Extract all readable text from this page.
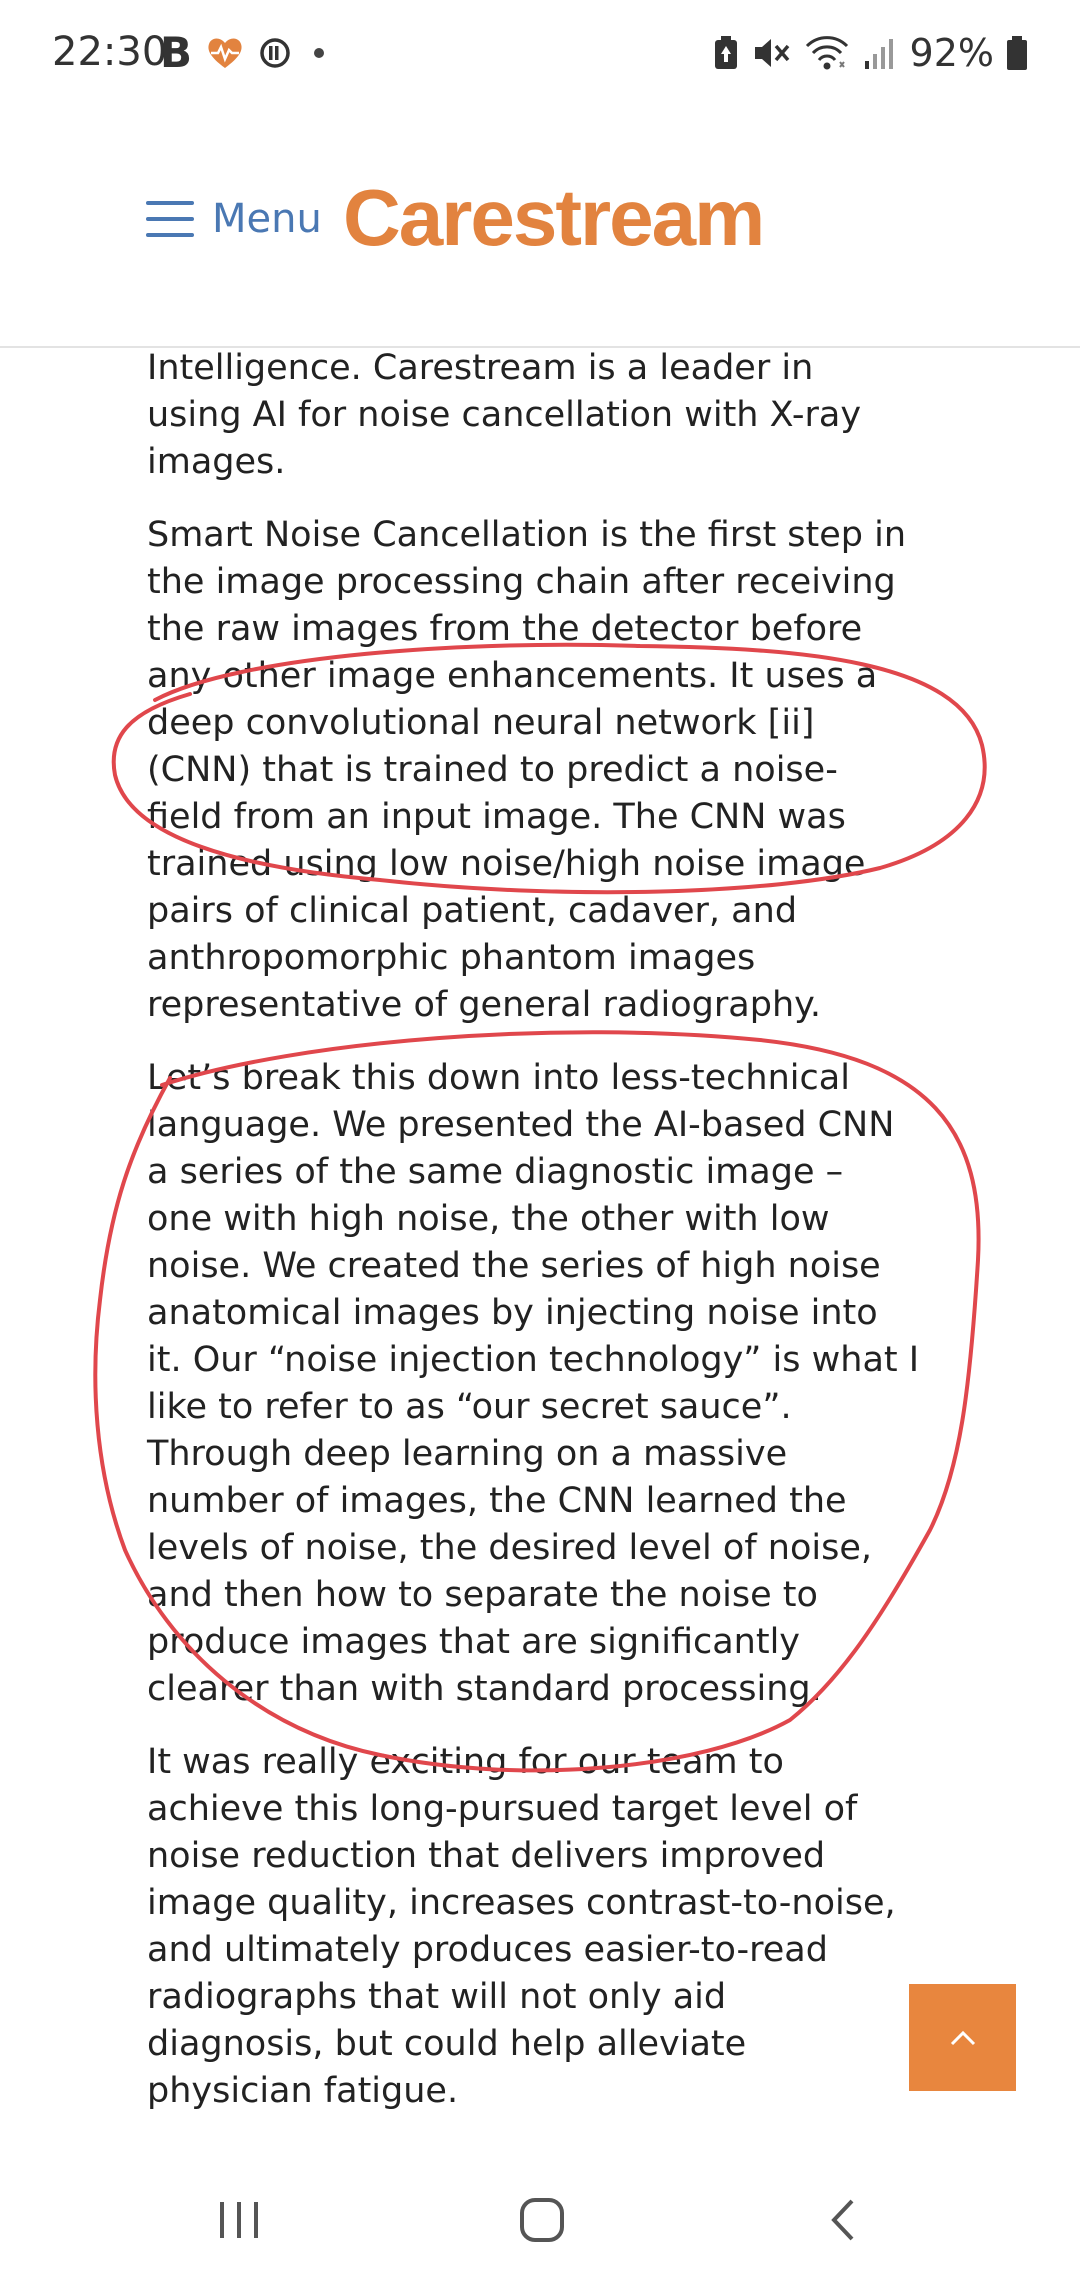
22:30
B	92%
Menu Carestream

Intelligence. Carestream is a leader in
using AI for noise cancellation with X-ray
images.

Smart Noise Cancellation is the first step in
the image processing chain after receiving
the raw images from the detector before
any other image enhancements. It uses a
deep convolutional neural network [ii]
(CNN) that is trained to predict a noise-
field from an input image. The CNN was
trained using low noise/high noise image
pairs of clinical patient, cadaver, and
anthropomorphic phantom images
representative of general radiography.

Let’s break this down into less-technical
language. We presented the AI-based CNN
a series of the same diagnostic image –
one with high noise, the other with low
noise. We created the series of high noise
anatomical images by injecting noise into
it. Our “noise injection technology” is what I
like to refer to as “our secret sauce”.
Through deep learning on a massive
number of images, the CNN learned the
levels of noise, the desired level of noise,
and then how to separate the noise to
produce images that are significantly
clearer than with standard processing.

It was really exciting for our team to
achieve this long-pursued target level of
noise reduction that delivers improved
image quality, increases contrast-to-noise,
and ultimately produces easier-to-read
radiographs that will not only aid
diagnosis, but could help alleviate
physician fatigue.
